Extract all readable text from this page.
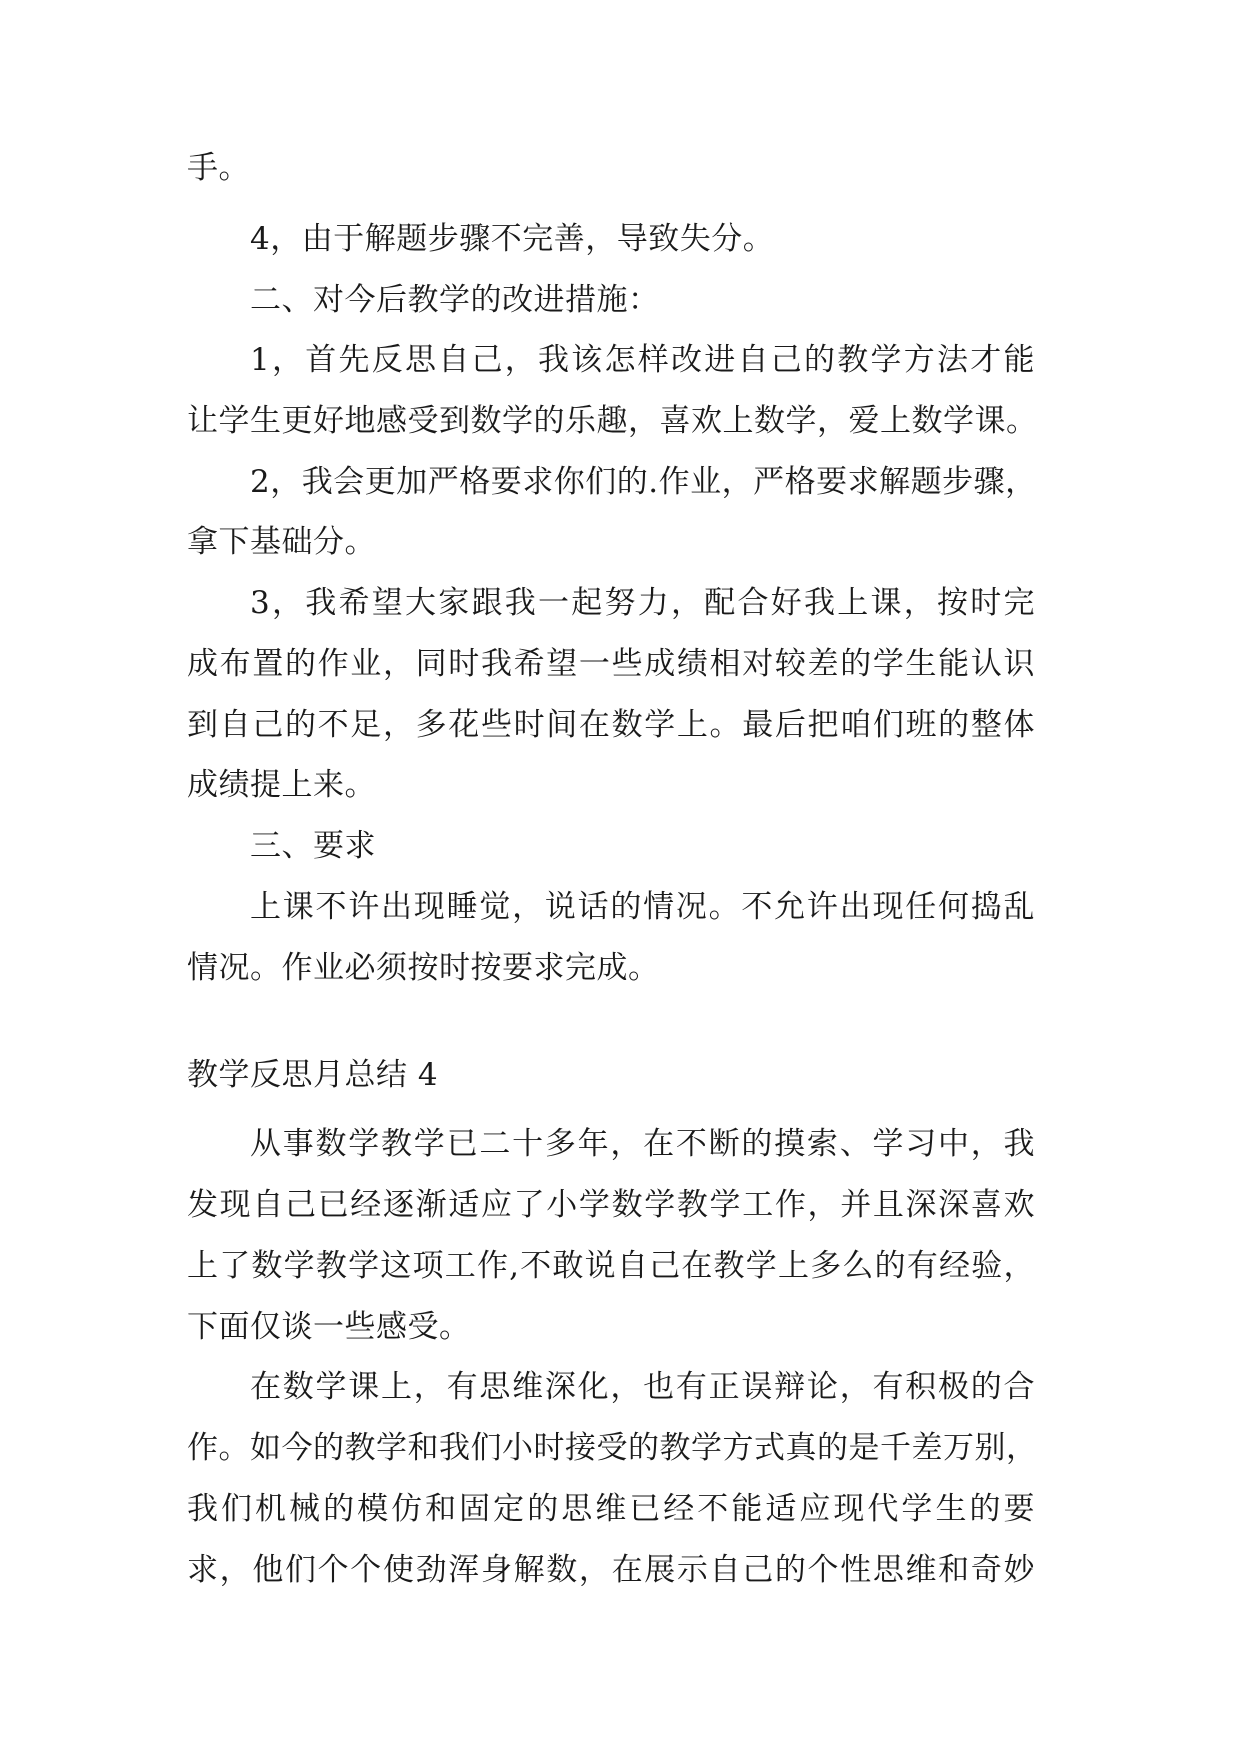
手。
4，由于解题步骤不完善，导致失分。
二、对今后教学的改进措施：
1，首先反思自己，我该怎样改进自己的教学方法才能
让学生更好地感受到数学的乐趣，喜欢上数学，爱上数学课。
2，我会更加严格要求你们的.作业，严格要求解题步骤，
拿下基础分。
3，我希望大家跟我一起努力，配合好我上课，按时完
成布置的作业，同时我希望一些成绩相对较差的学生能认识
到自己的不足，多花些时间在数学上。最后把咱们班的整体
成绩提上来。
三、要求
上课不许出现睡觉，说话的情况。不允许出现任何捣乱
情况。作业必须按时按要求完成。
教学反思月总结 4
从事数学教学已二十多年，在不断的摸索、学习中，我
发现自己已经逐渐适应了小学数学教学工作，并且深深喜欢
上了数学教学这项工作,不敢说自己在教学上多么的有经验，
下面仅谈一些感受。
在数学课上，有思维深化，也有正误辩论，有积极的合
作。如今的教学和我们小时接受的教学方式真的是千差万别，
我们机械的模仿和固定的思维已经不能适应现代学生的要
求，他们个个使劲浑身解数，在展示自己的个性思维和奇妙
